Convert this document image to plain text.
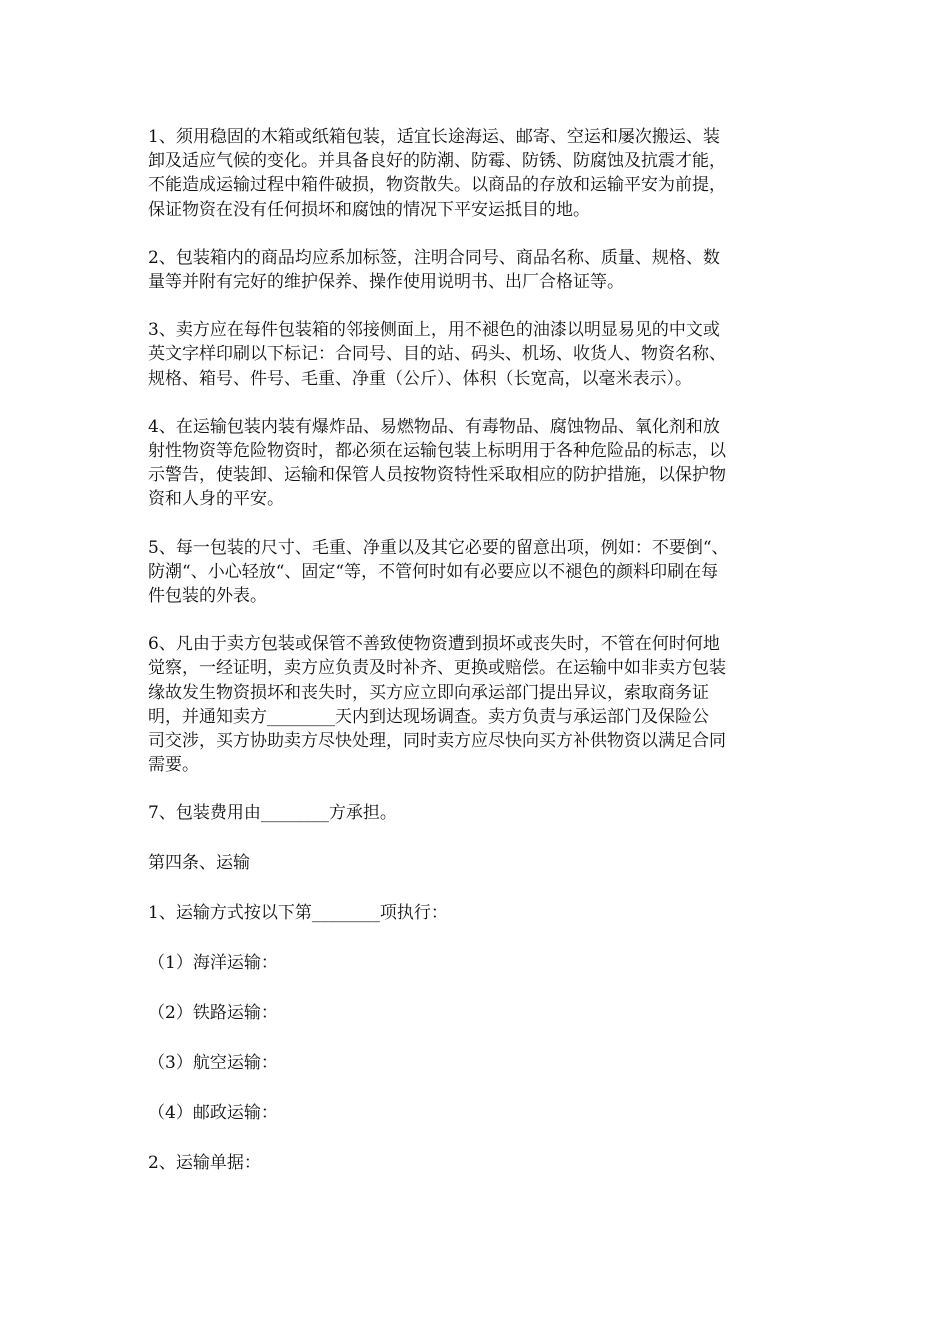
1、须用稳固的木箱或纸箱包装，适宜长途海运、邮寄、空运和屡次搬运、装
卸及适应气候的变化。并具备良好的防潮、防霉、防锈、防腐蚀及抗震才能，
不能造成运输过程中箱件破损，物资散失。以商品的存放和运输平安为前提，
保证物资在没有任何损坏和腐蚀的情况下平安运抵目的地。

2、包装箱内的商品均应系加标签，注明合同号、商品名称、质量、规格、数
量等并附有完好的维护保养、操作使用说明书、出厂合格证等。

3、卖方应在每件包装箱的邻接侧面上，用不褪色的油漆以明显易见的中文或
英文字样印刷以下标记：合同号、目的站、码头、机场、收货人、物资名称、
规格、箱号、件号、毛重、净重（公斤）、体积（长宽高，以毫米表示）。

4、在运输包装内装有爆炸品、易燃物品、有毒物品、腐蚀物品、氧化剂和放
射性物资等危险物资时，都必须在运输包装上标明用于各种危险品的标志，以
示警告，使装卸、运输和保管人员按物资特性采取相应的防护措施，以保护物
资和人身的平安。

5、每一包装的尺寸、毛重、净重以及其它必要的留意出项，例如：不要倒“、
防潮“、小心轻放“、固定“等，不管何时如有必要应以不褪色的颜料印刷在每
件包装的外表。

6、凡由于卖方包装或保管不善致使物资遭到损坏或丧失时，不管在何时何地
觉察，一经证明，卖方应负责及时补齐、更换或赔偿。在运输中如非卖方包装
缘故发生物资损坏和丧失时，买方应立即向承运部门提出异议，索取商务证
明，并通知卖方________天内到达现场调查。卖方负责与承运部门及保险公
司交涉，买方协助卖方尽快处理，同时卖方应尽快向买方补供物资以满足合同
需要。

7、包装费用由________方承担。

第四条、运输

1、运输方式按以下第________项执行：

（1）海洋运输：

（2）铁路运输：

（3）航空运输：

（4）邮政运输：

2、运输单据：
